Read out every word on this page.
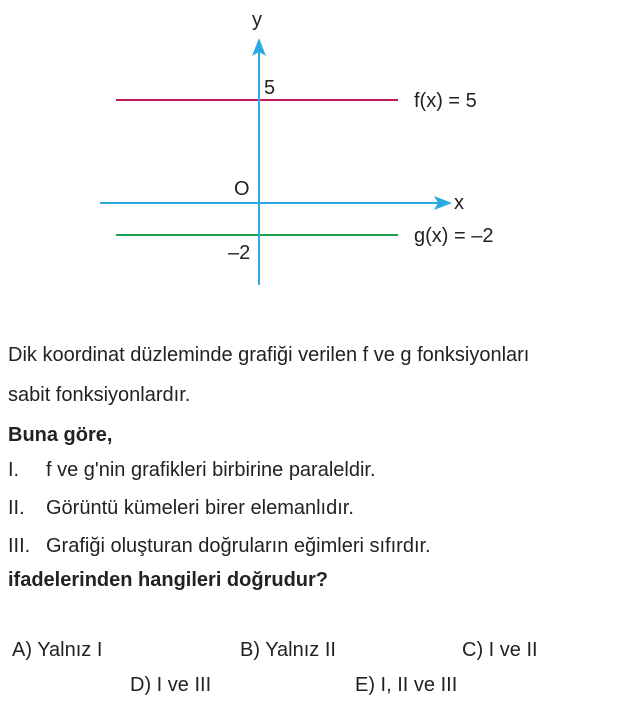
y
x
O
5
–2
f(x) = 5
g(x) = –2
Dik koordinat düzleminde grafiği verilen f ve g fonksiyonları
sabit fonksiyonlardır.
Buna göre,
I. f ve g'nin grafikleri birbirine paraleldir.
II. Görüntü kümeleri birer elemanlıdır.
III. Grafiği oluşturan doğruların eğimleri sıfırdır.
ifadelerinden hangileri doğrudur?
A) Yalnız I	B) Yalnız II	C) I ve II
D) I ve III	E) I, II ve III
